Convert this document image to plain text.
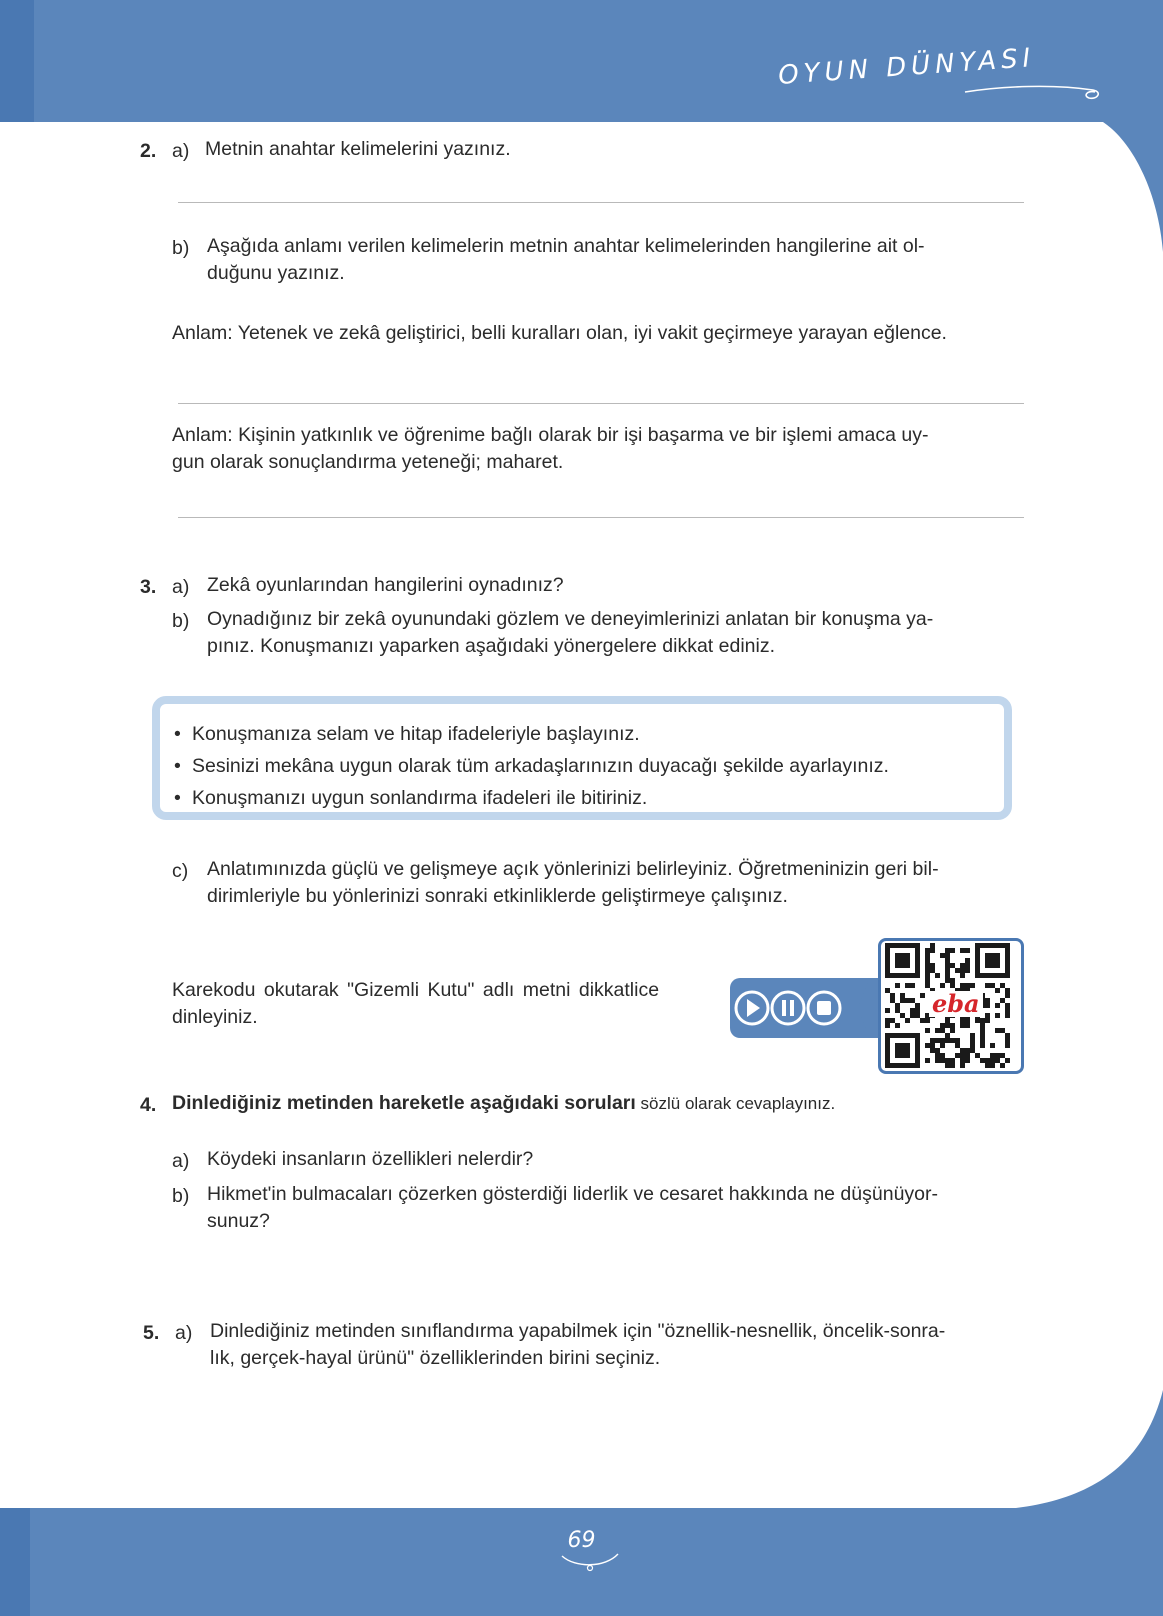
OYUN DÜNYASI
69
2. a) Metnin anahtar kelimelerini yazınız.
b) Aşağıda anlamı verilen kelimelerin metnin anahtar kelimelerinden hangilerine ait ol-
duğunu yazınız.
Anlam: Yetenek ve zekâ geliştirici, belli kuralları olan, iyi vakit geçirmeye yarayan eğlence.
Anlam: Kişinin yatkınlık ve öğrenime bağlı olarak bir işi başarma ve bir işlemi amaca uy-
gun olarak sonuçlandırma yeteneği; maharet.
3. a) Zekâ oyunlarından hangilerini oynadınız?
b) Oynadığınız bir zekâ oyunundaki gözlem ve deneyimlerinizi anlatan bir konuşma ya-
pınız. Konuşmanızı yaparken aşağıdaki yönergelere dikkat ediniz.
• Konuşmanıza selam ve hitap ifadeleriyle başlayınız.
• Sesinizi mekâna uygun olarak tüm arkadaşlarınızın duyacağı şekilde ayarlayınız.
• Konuşmanızı uygun sonlandırma ifadeleri ile bitiriniz.
c) Anlatımınızda güçlü ve gelişmeye açık yönlerinizi belirleyiniz. Öğretmeninizin geri bil-
dirimleriyle bu yönlerinizi sonraki etkinliklerde geliştirmeye çalışınız.
Karekodu okutarak "Gizemli Kutu" adlı metni dikkatlice
dinleyiniz.	eba
4. Dinlediğiniz metinden hareketle aşağıdaki soruları sözlü olarak cevaplayınız.
a) Köydeki insanların özellikleri nelerdir?
b) Hikmet'in bulmacaları çözerken gösterdiği liderlik ve cesaret hakkında ne düşünüyor-
sunuz?
5. a) Dinlediğiniz metinden sınıflandırma yapabilmek için "öznellik-nesnellik, öncelik-sonra-
lık, gerçek-hayal ürünü" özelliklerinden birini seçiniz.
